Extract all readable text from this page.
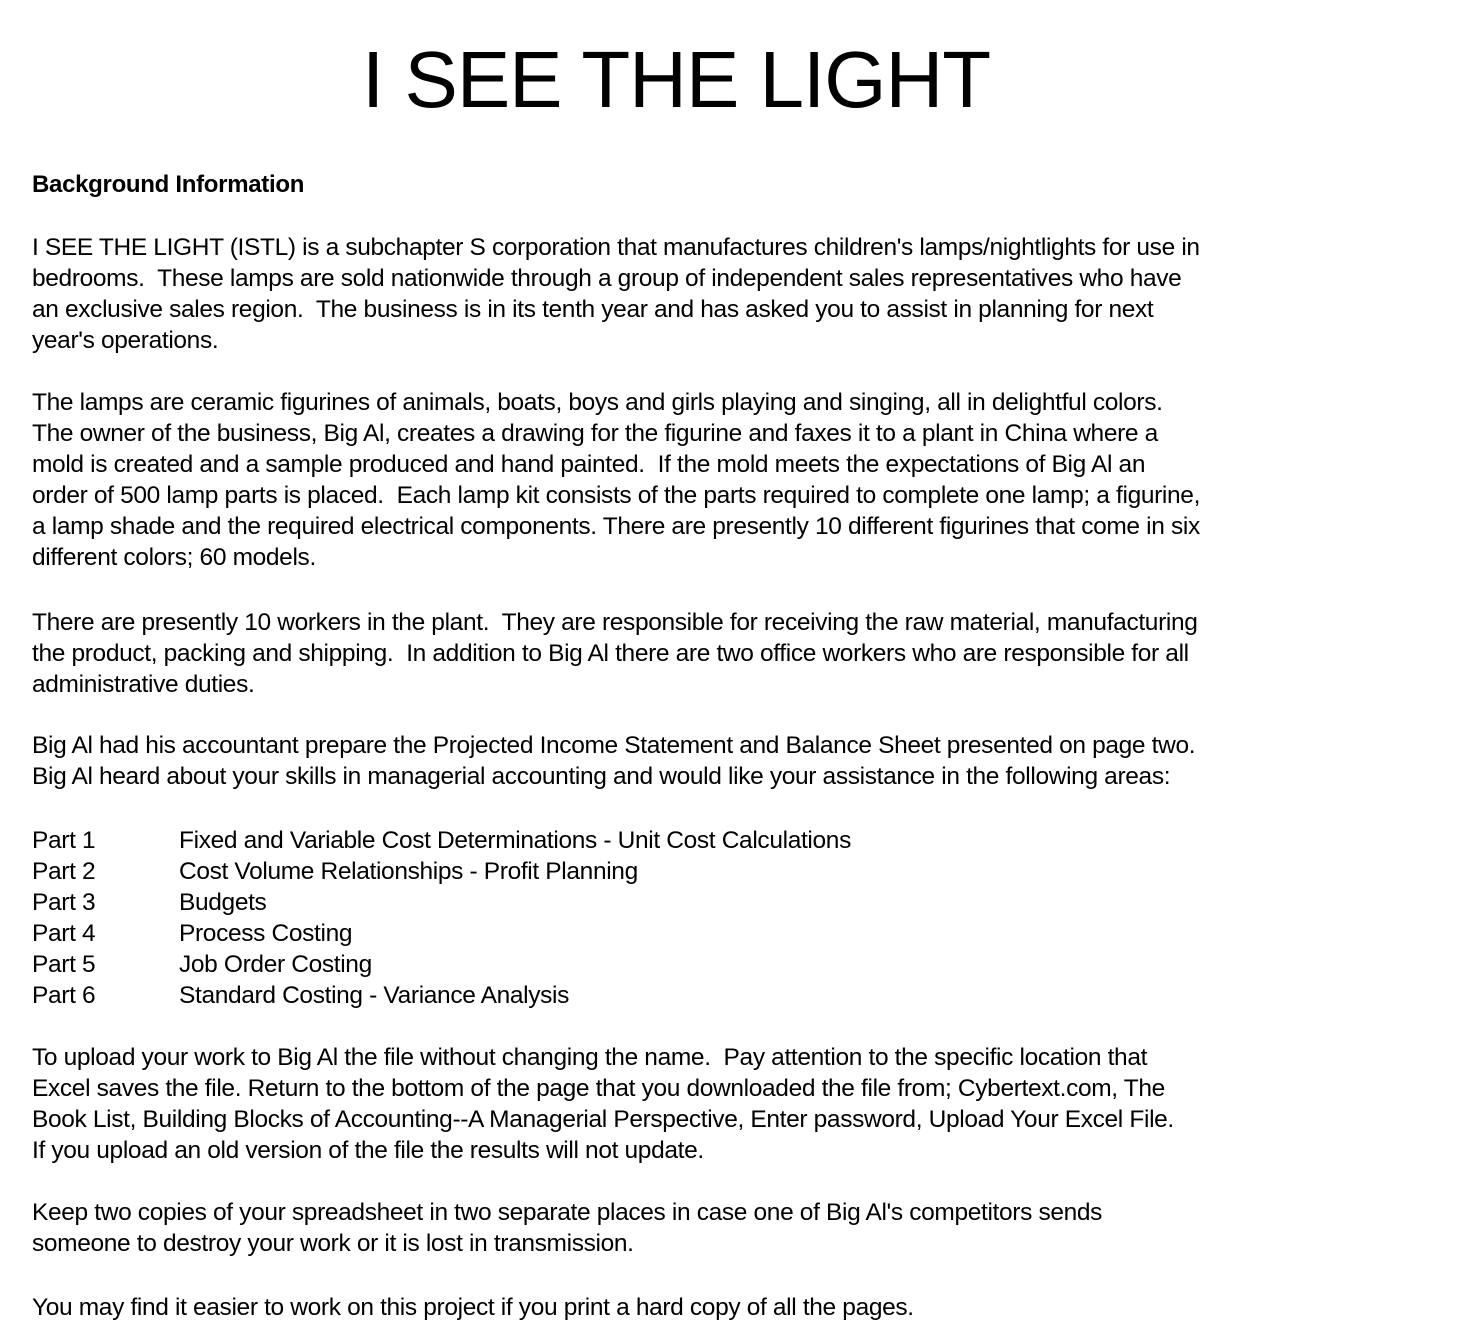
I SEE THE LIGHT
Background Information

I SEE THE LIGHT (ISTL) is a subchapter S corporation that manufactures children's lamps/nightlights for use in
bedrooms.  These lamps are sold nationwide through a group of independent sales representatives who have
an exclusive sales region.  The business is in its tenth year and has asked you to assist in planning for next
year's operations.

The lamps are ceramic figurines of animals, boats, boys and girls playing and singing, all in delightful colors.
The owner of the business, Big Al, creates a drawing for the figurine and faxes it to a plant in China where a
mold is created and a sample produced and hand painted.  If the mold meets the expectations of Big Al an
order of 500 lamp parts is placed.  Each lamp kit consists of the parts required to complete one lamp; a figurine,
a lamp shade and the required electrical components. There are presently 10 different figurines that come in six
different colors; 60 models.

There are presently 10 workers in the plant.  They are responsible for receiving the raw material, manufacturing
the product, packing and shipping.  In addition to Big Al there are two office workers who are responsible for all
administrative duties.

Big Al had his accountant prepare the Projected Income Statement and Balance Sheet presented on page two.
Big Al heard about your skills in managerial accounting and would like your assistance in the following areas:

Part 1	Fixed and Variable Cost Determinations - Unit Cost Calculations
Part 2	Cost Volume Relationships - Profit Planning
Part 3	Budgets
Part 4	Process Costing
Part 5	Job Order Costing
Part 6	Standard Costing - Variance Analysis

To upload your work to Big Al the file without changing the name.  Pay attention to the specific location that
Excel saves the file. Return to the bottom of the page that you downloaded the file from; Cybertext.com, The
Book List, Building Blocks of Accounting--A Managerial Perspective, Enter password, Upload Your Excel File.
If you upload an old version of the file the results will not update.

Keep two copies of your spreadsheet in two separate places in case one of Big Al's competitors sends
someone to destroy your work or it is lost in transmission.

You may find it easier to work on this project if you print a hard copy of all the pages.
